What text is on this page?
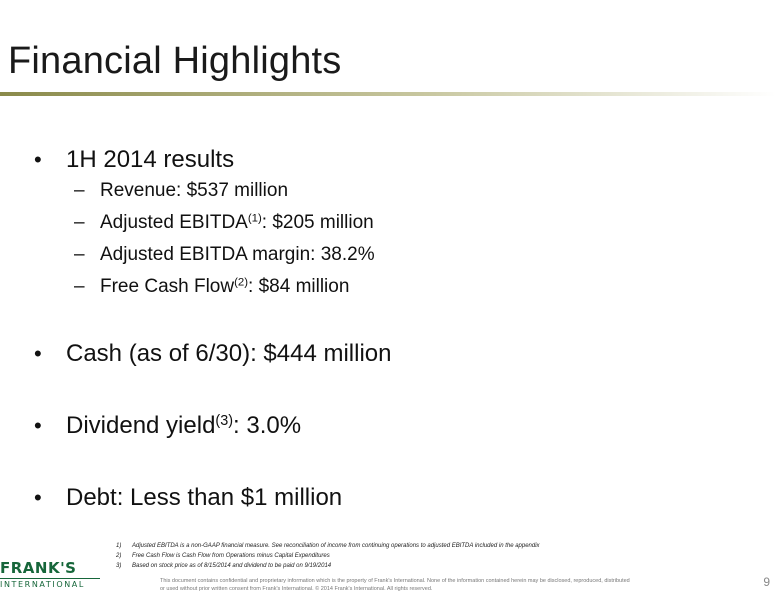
Financial Highlights
•	1H 2014 results
– Revenue: $537 million
– Adjusted EBITDA$^{(1)}$: $205 million
– Adjusted EBITDA margin: 38.2%
– Free Cash Flow$^{(2)}$: $84 million
•	Cash (as of 6/30): $444 million
•	Dividend yield$^{(3)}$: 3.0%
•	Debt: Less than $1 million
1)	Adjusted EBITDA is a non-GAAP financial measure. See reconciliation of income from continuing operations to adjusted EBITDA included in the appendix
2)	Free Cash Flow is Cash Flow from Operations minus Capital Expenditures
3)	Based on stock price as of 8/15/2014 and dividend to be paid on 9/19/2014
FRANK'S
INTERNATIONAL	This document contains confidential and proprietary information which is the property of Frank's International. None of the information contained herein may be disclosed, reproduced, distributed or used without prior written consent from Frank's International. © 2014 Frank's International. All rights reserved.	9
